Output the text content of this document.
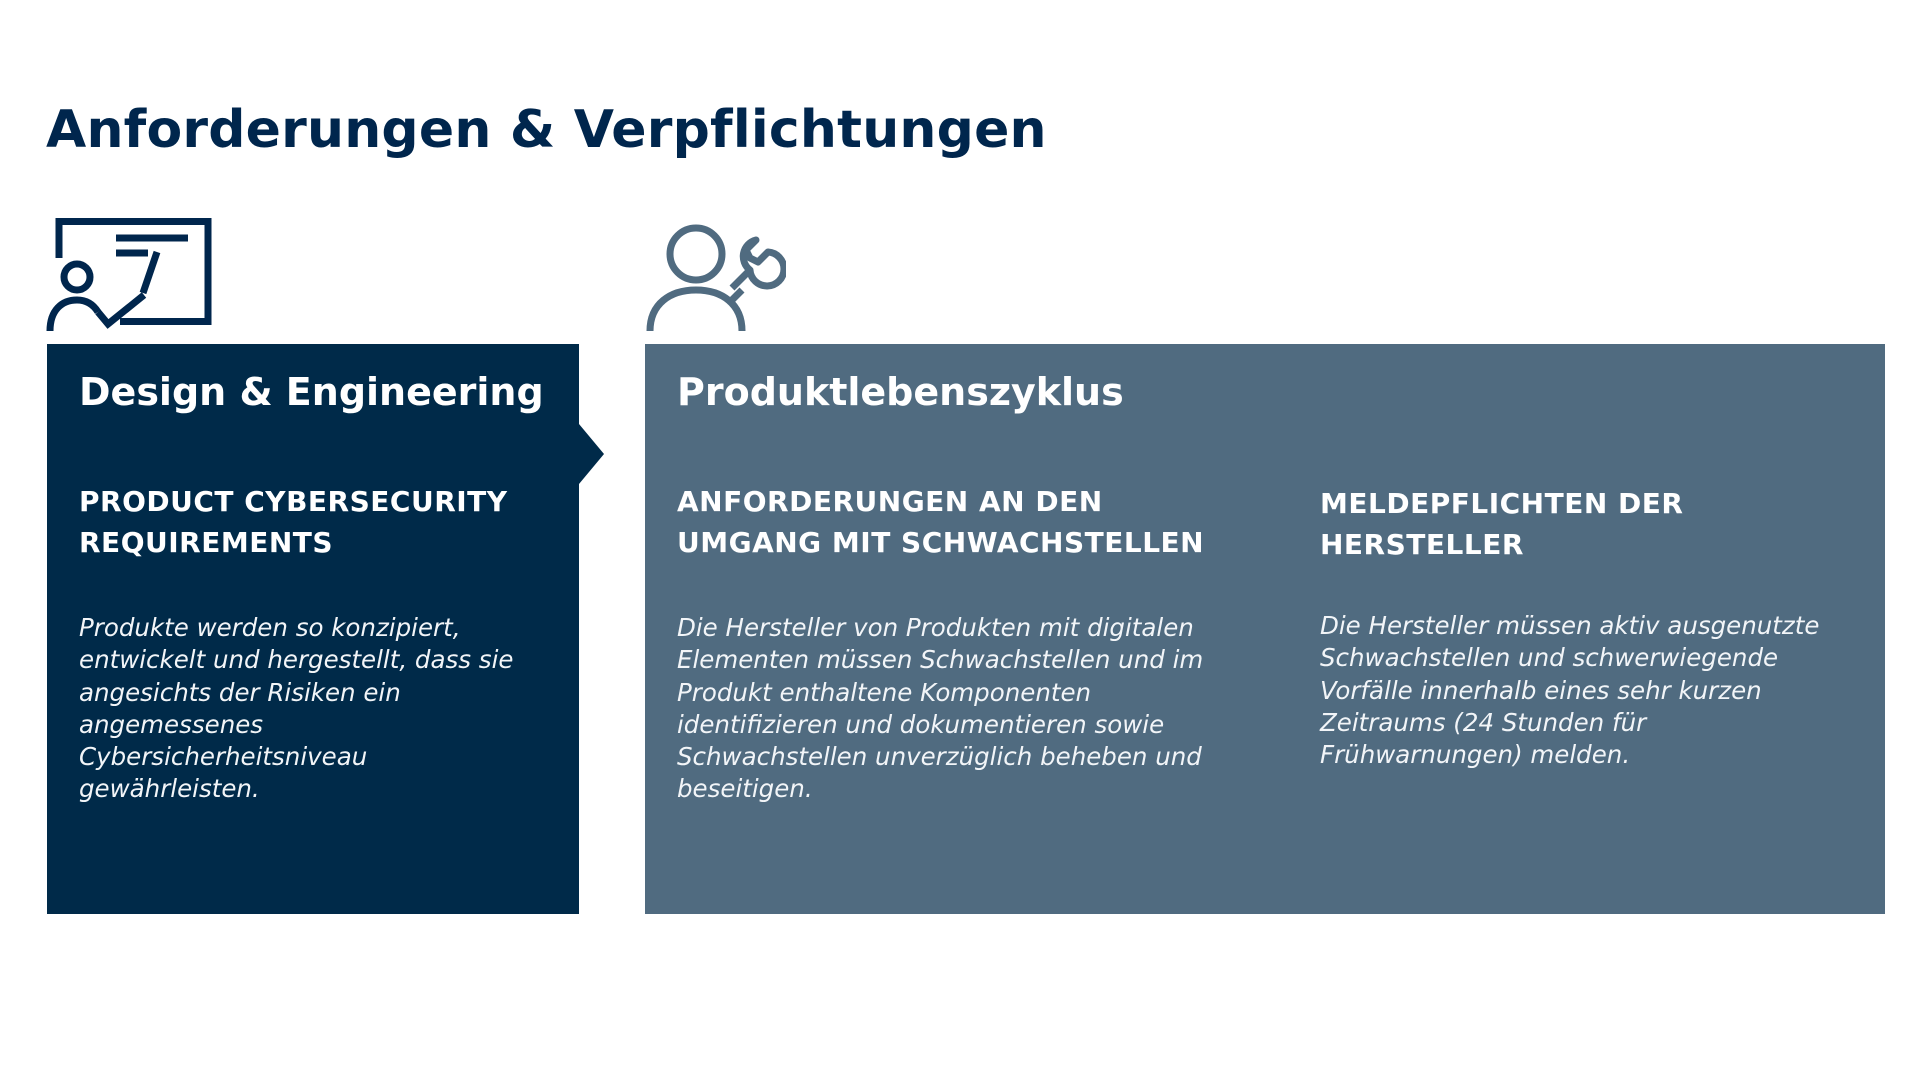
Anforderungen & Verpflichtungen
Design & Engineering
PRODUCT CYBERSECURITY REQUIREMENTS

Produkte werden so konzipiert, entwickelt und hergestellt, dass sie angesichts der Risiken ein angemessenes Cybersicherheitsniveau gewährleisten.

Produktlebenszyklus
ANFORDERUNGEN AN DEN UMGANG MIT SCHWACHSTELLEN

Die Hersteller von Produkten mit digitalen Elementen müssen Schwachstellen und im Produkt enthaltene Komponenten identifizieren und dokumentieren sowie Schwachstellen unverzüglich beheben und beseitigen.

MELDEPFLICHTEN DER HERSTELLER

Die Hersteller müssen aktiv ausgenutzte Schwachstellen und schwerwiegende Vorfälle innerhalb eines sehr kurzen Zeitraums (24 Stunden für Frühwarnungen) melden.
